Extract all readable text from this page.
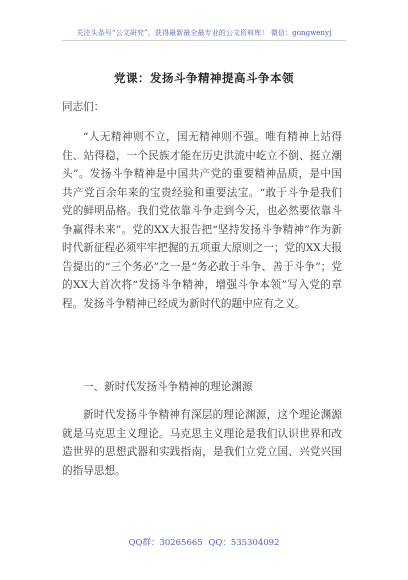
关注头条号“公文研究”，获得最新最全最专业的公文资料库！ 微信：gongwenyj
党课：发扬斗争精神提高斗争本领
同志们：
“人无精神则不立，国无精神则不强。唯有精神上站得住、站得稳，一个民族才能在历史洪流中屹立不倒、挺立潮头”。发扬斗争精神是中国共产党的重要精神品质，是中国共产党百余年来的宝贵经验和重要法宝。“敢于斗争是我们党的鲜明品格。我们党依靠斗争走到今天，也必然要依靠斗争赢得未来”。党的XX大报告把“坚持发扬斗争精神”作为新时代新征程必须牢牢把握的五项重大原则之一；党的XX大报告提出的“三个务必”之一是“务必敢于斗争、善于斗争”；党的XX大首次将“发扬斗争精神，增强斗争本领”写入党的章程。发扬斗争精神已经成为新时代的题中应有之义。
一、新时代发扬斗争精神的理论渊源
新时代发扬斗争精神有深层的理论渊源，这个理论渊源就是马克思主义理论。马克思主义理论是我们认识世界和改造世界的思想武器和实践指南，是我们立党立国、兴党兴国的指导思想。
QQ群：30265665 QQ：535304092
